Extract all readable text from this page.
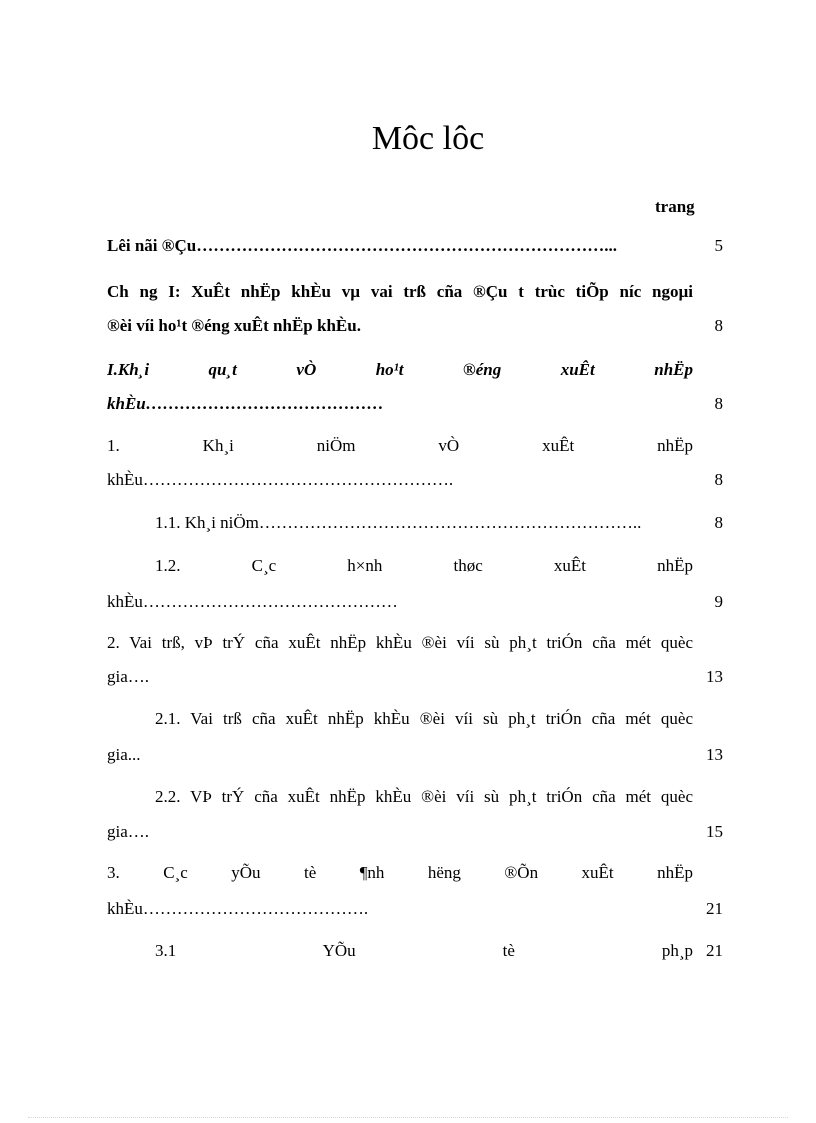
Môc lôc
trang
Lêi nãi ®Çu………………………………………………………………...	5
Ch ng I: XuÊt nhËp khÈu vµ vai trß cña ®Çu t trùc tiÕp níc ngoµi
®èi víi ho¹t ®éng xuÊt nhËp khÈu.	8
I.Kh¸i qu¸t vÒ ho¹t ®éng xuÊt nhËp
khÈu……………………………………	8
1. Kh¸i niÖm vÒ xuÊt nhËp
khÈu……………………………………………….	8
1.1. Kh¸i niÖm…………………………………………………………..	8
1.2. C¸c h×nh thøc xuÊt nhËp
khÈu………………………………………	9
2. Vai trß, vÞ trÝ cña xuÊt nhËp khÈu ®èi víi sù ph¸t triÓn cña mét quèc
gia….	13
2.1. Vai trß cña xuÊt nhËp khÈu ®èi víi sù ph¸t triÓn cña mét quèc
gia...	13
2.2. VÞ trÝ cña xuÊt nhËp khÈu ®èi víi sù ph¸t triÓn cña mét quèc
gia….	15
3. C¸c yÕu tè ¶nh hëng ®Õn xuÊt nhËp
khÈu………………………………….	21
3.1 YÕu tè ph¸p 21
